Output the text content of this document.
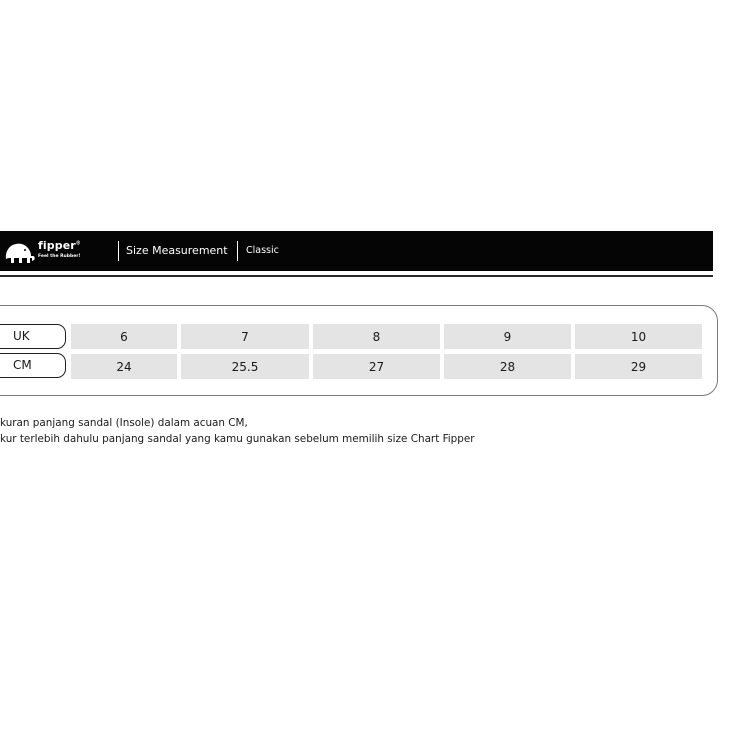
fipper®
Feel the Rubber!	Size Measurement Classic
UK	6	7	8	9	10
CM	24	25.5	27	28	29
kuran panjang sandal (Insole) dalam acuan CM,
kur terlebih dahulu panjang sandal yang kamu gunakan sebelum memilih size Chart Fipper
